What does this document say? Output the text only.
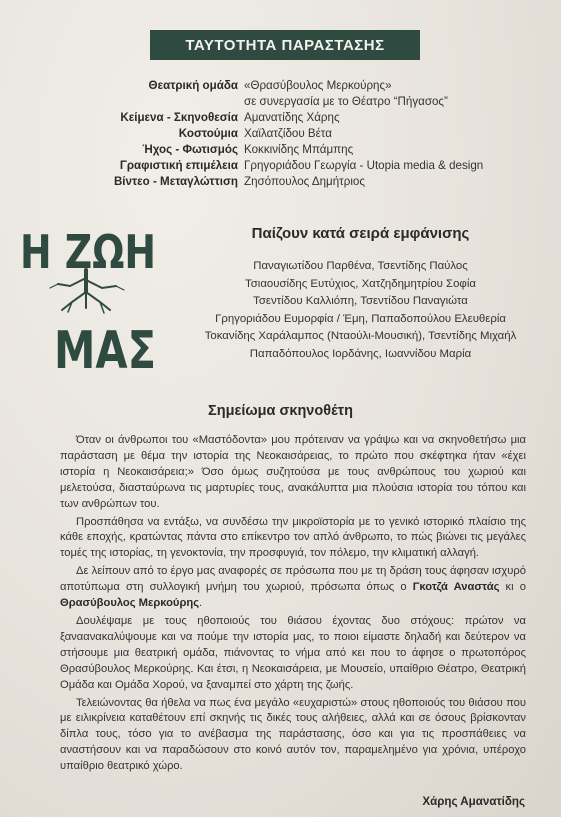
ΤΑΥΤΟΤΗΤΑ ΠΑΡΑΣΤΑΣΗΣ
Θεατρική ομάδα «Θρασύβουλος Μερκούρης»
σε συνεργασία με το Θέατρο “Πήγασος”
Κείμενα - Σκηνοθεσία Αμανατίδης Χάρης
Κοστούμια Χαϊλατζίδου Βέτα
Ήχος - Φωτισμός Κοκκινίδης Μπάμπης
Γραφιστική επιμέλεια Γρηγοριάδου Γεωργία - Utopia media & design
Βίντεο - Μεταγλώττιση Ζησόπουλος Δημήτριος
Η ΖΩΗ
ΜΑΣ
Παίζουν κατά σειρά εμφάνισης
Παναγιωτίδου Παρθένα, Τσεντίδης Παύλος
Τσιαουσίδης Ευτύχιος, Χατζηδημητρίου Σοφία
Τσεντίδου Καλλιόπη, Τσεντίδου Παναγιώτα
Γρηγοριάδου Ευμορφία / Έμη, Παπαδοπούλου Ελευθερία
Τοκανίδης Χαράλαμπος (Νταούλι-Μουσική), Τσεντίδης Μιχαήλ
Παπαδόπουλος Ιορδάνης, Ιωαννίδου Μαρία
Σημείωμα σκηνοθέτη

Όταν οι άνθρωποι του «Μαστόδοντα» μου πρότειναν να γράψω και να σκηνοθετήσω μια παράσταση με θέμα την ιστορία της Νεοκαισάρειας, το πρώτο που σκέφτηκα ήταν «έχει ιστορία η Νεοκαισάρεια;» Όσο όμως συζητούσα με τους ανθρώπους του χωριού και μελετούσα, διασταύρωνα τις μαρτυρίες τους, ανακάλυπτα μια πλούσια ιστορία του τόπου και των ανθρώπων του.

Προσπάθησα να εντάξω, να συνδέσω την μικροϊστορία με το γενικό ιστορικό πλαίσιο της κάθε εποχής, κρατώντας πάντα στο επίκεντρο τον απλό άνθρωπο, το πώς βιώνει τις μεγάλες τομές της ιστορίας, τη γενοκτονία, την προσφυγιά, τον πόλεμο, την κλιματική αλλαγή.

Δε λείπουν από το έργο μας αναφορές σε πρόσωπα που με τη δράση τους άφησαν ισχυρό αποτύπωμα στη συλλογική μνήμη του χωριού, πρόσωπα όπως ο Γκοτζά Αναστάς κι ο Θρασύβουλος Μερκούρης.

Δουλέψαμε με τους ηθοποιούς του θιάσου έχοντας δυο στόχους: πρώτον να ξαναανακαλύψουμε και να πούμε την ιστορία μας, το ποιοι είμαστε δηλαδή και δεύτερον να στήσουμε μια θεατρική ομάδα, πιάνοντας το νήμα από κει που το άφησε ο πρωτοπόρος Θρασύβουλος Μερκούρης. Και έτσι, η Νεοκαισάρεια, με Μουσείο, υπαίθριο Θέατρο, Θεατρική Ομάδα και Ομάδα Χορού, να ξαναμπεί στο χάρτη της ζωής.

Τελειώνοντας θα ήθελα να πως ένα μεγάλο «ευχαριστώ» στους ηθοποιούς του θιάσου που με ειλικρίνεια καταθέτουν επί σκηνής τις δικές τους αλήθειες, αλλά και σε όσους βρίσκονταν δίπλα τους, τόσο για το ανέβασμα της παράστασης, όσο και για τις προσπάθειες να αναστήσουν και να παραδώσουν στο κοινό αυτόν τον, παραμελημένο για χρόνια, υπέροχο υπαίθριο θεατρικό χώρο.

Χάρης Αμανατίδης
